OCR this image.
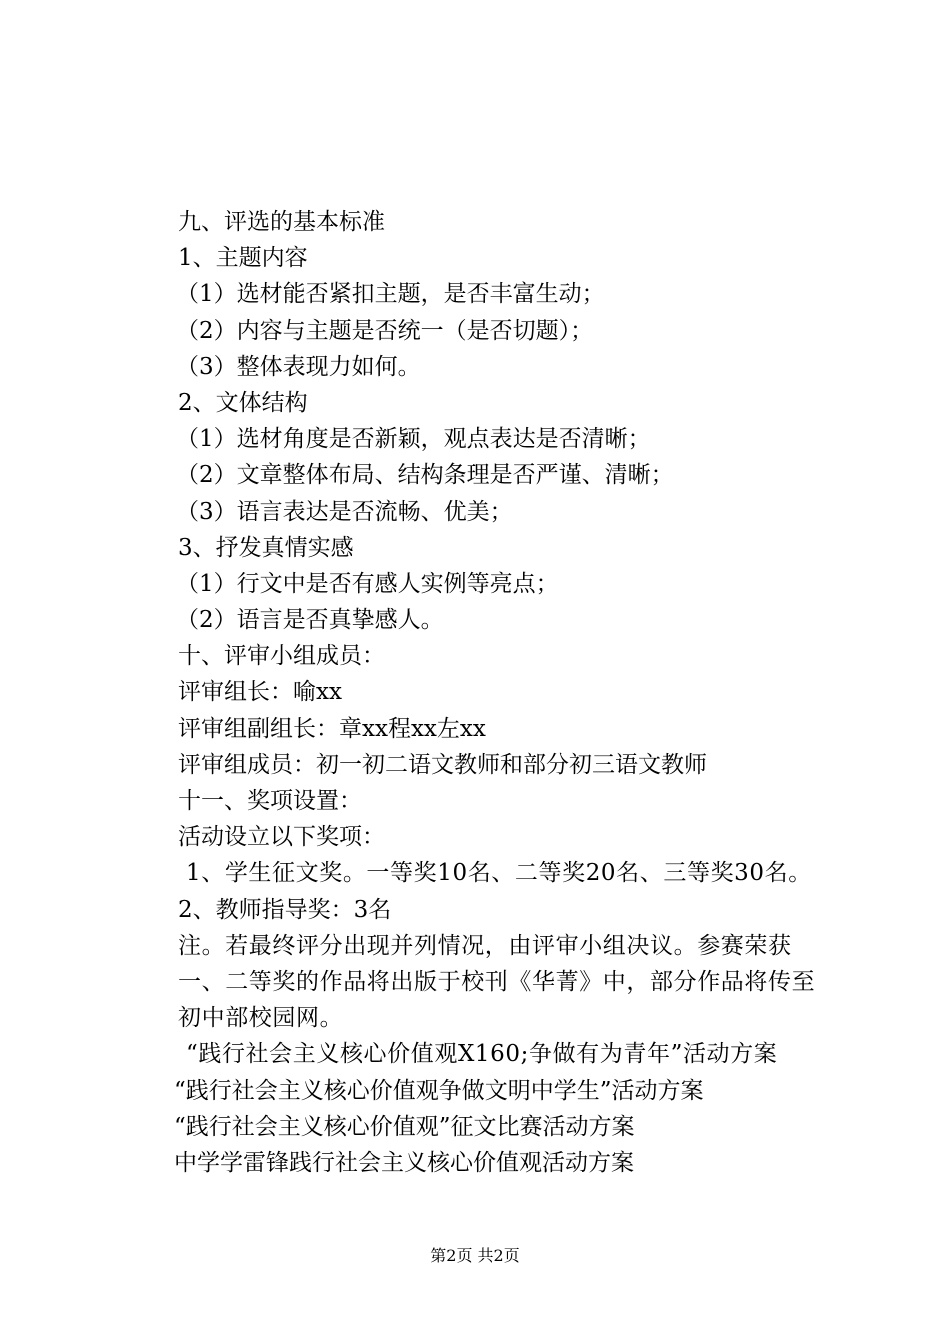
九、评选的基本标准
1、主题内容
（1）选材能否紧扣主题，是否丰富生动；
（2）内容与主题是否统一（是否切题）；
（3）整体表现力如何。
2、文体结构
（1）选材角度是否新颖，观点表达是否清晰；
（2）文章整体布局、结构条理是否严谨、清晰；
（3）语言表达是否流畅、优美；
3、抒发真情实感
（1）行文中是否有感人实例等亮点；
（2）语言是否真挚感人。
十、评审小组成员：
评审组长：喻xx
评审组副组长：章xx程xx左xx
评审组成员：初一初二语文教师和部分初三语文教师
十一、奖项设置：
活动设立以下奖项：
1、学生征文奖。一等奖10名、二等奖20名、三等奖30名。
2、教师指导奖：3名
注。若最终评分出现并列情况，由评审小组决议。参赛荣获一、二等奖的作品将出版于校刊《华菁》中，部分作品将传至初中部校园网。
“践行社会主义核心价值观X160;争做有为青年”活动方案
“践行社会主义核心价值观争做文明中学生”活动方案
“践行社会主义核心价值观”征文比赛活动方案
中学学雷锋践行社会主义核心价值观活动方案
第2页 共2页
